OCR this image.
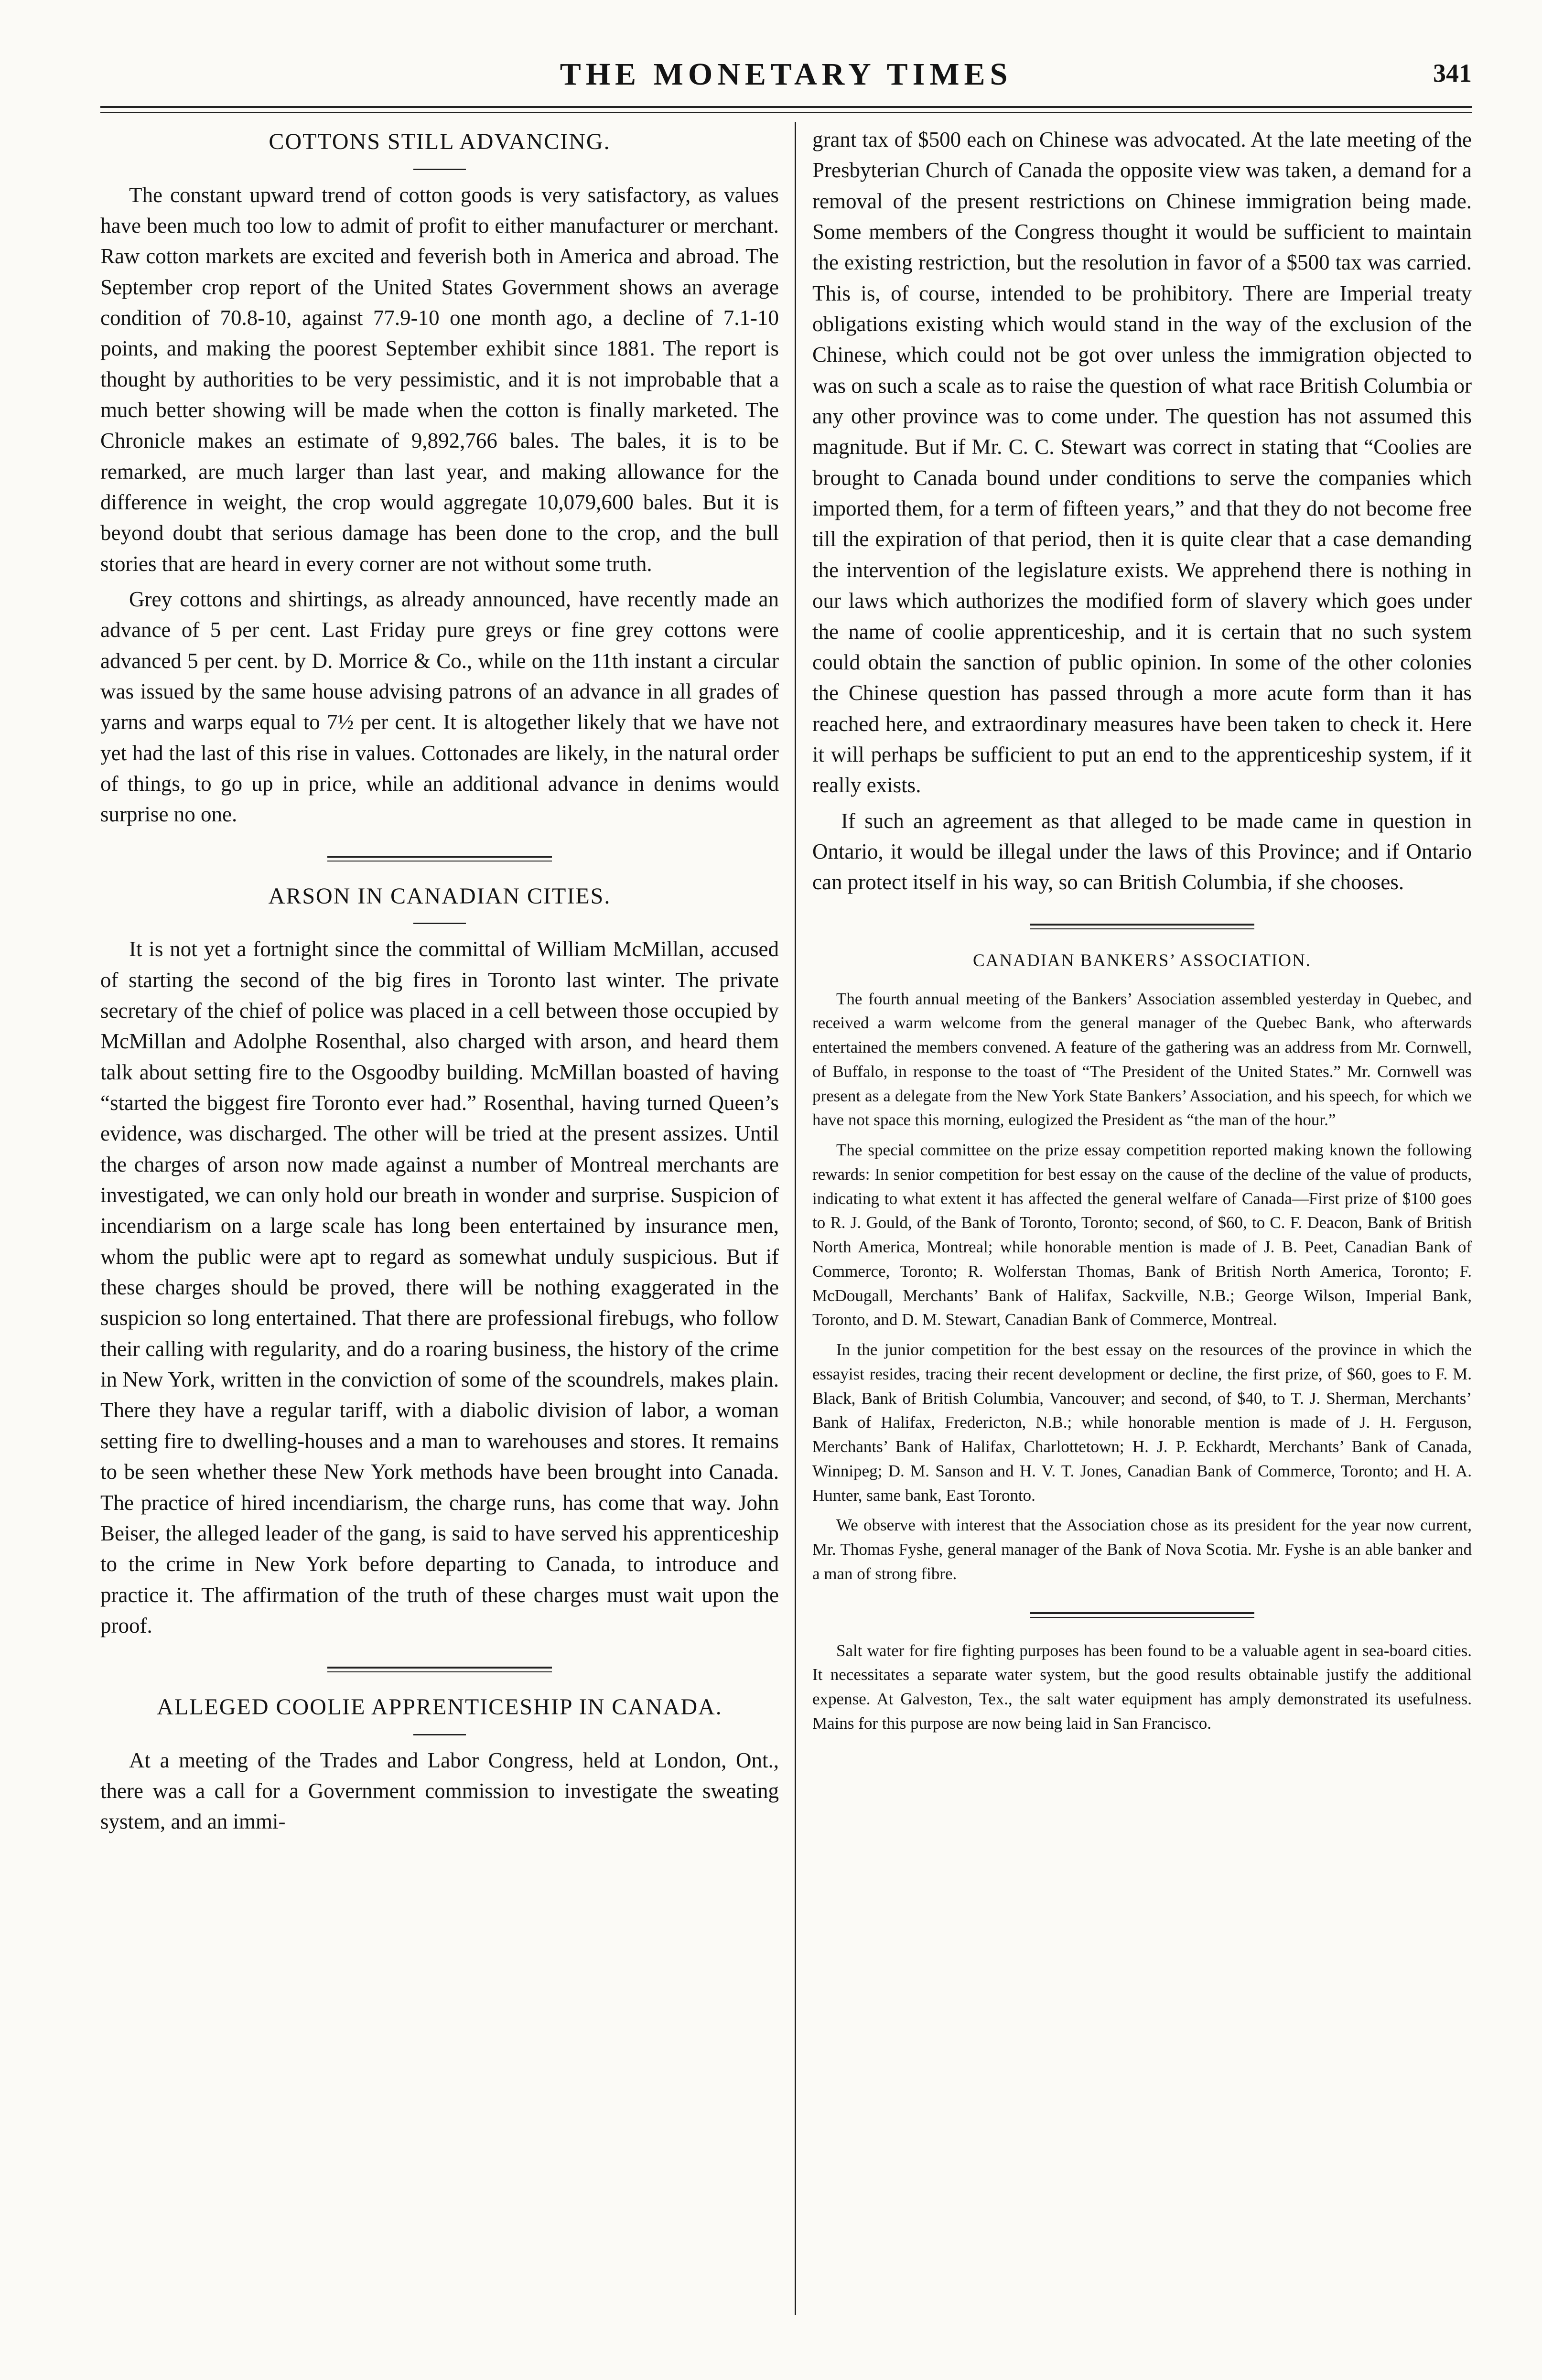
THE MONETARY TIMES	341
COTTONS STILL ADVANCING.

The constant upward trend of cotton goods is very satisfactory, as values have been much too low to admit of profit to either manufacturer or merchant. Raw cotton markets are excited and feverish both in America and abroad. The September crop report of the United States Government shows an average condition of 70.8-10, against 77.9-10 one month ago, a decline of 7.1-10 points, and making the poorest September exhibit since 1881. The report is thought by authorities to be very pessimistic, and it is not improbable that a much better showing will be made when the cotton is finally marketed. The Chronicle makes an estimate of 9,892,766 bales. The bales, it is to be remarked, are much larger than last year, and making allowance for the difference in weight, the crop would aggregate 10,079,600 bales. But it is beyond doubt that serious damage has been done to the crop, and the bull stories that are heard in every corner are not without some truth.

Grey cottons and shirtings, as already announced, have recently made an advance of 5 per cent. Last Friday pure greys or fine grey cottons were advanced 5 per cent. by D. Morrice & Co., while on the 11th instant a circular was issued by the same house advising patrons of an advance in all grades of yarns and warps equal to 7½ per cent. It is altogether likely that we have not yet had the last of this rise in values. Cottonades are likely, in the natural order of things, to go up in price, while an additional advance in denims would surprise no one.

ARSON IN CANADIAN CITIES.

It is not yet a fortnight since the committal of William McMillan, accused of starting the second of the big fires in Toronto last winter. The private secretary of the chief of police was placed in a cell between those occupied by McMillan and Adolphe Rosenthal, also charged with arson, and heard them talk about setting fire to the Osgoodby building. McMillan boasted of having “started the biggest fire Toronto ever had.” Rosenthal, having turned Queen’s evidence, was discharged. The other will be tried at the present assizes. Until the charges of arson now made against a number of Montreal merchants are investigated, we can only hold our breath in wonder and surprise. Suspicion of incendiarism on a large scale has long been entertained by insurance men, whom the public were apt to regard as somewhat unduly suspicious. But if these charges should be proved, there will be nothing exaggerated in the suspicion so long entertained. That there are professional firebugs, who follow their calling with regularity, and do a roaring business, the history of the crime in New York, written in the conviction of some of the scoundrels, makes plain. There they have a regular tariff, with a diabolic division of labor, a woman setting fire to dwelling-houses and a man to warehouses and stores. It remains to be seen whether these New York methods have been brought into Canada. The practice of hired incendiarism, the charge runs, has come that way. John Beiser, the alleged leader of the gang, is said to have served his apprenticeship to the crime in New York before departing to Canada, to introduce and practice it. The affirmation of the truth of these charges must wait upon the proof.

ALLEGED COOLIE APPRENTICESHIP IN CANADA.

At a meeting of the Trades and Labor Congress, held at London, Ont., there was a call for a Government commission to investigate the sweating system, and an immi-

grant tax of $500 each on Chinese was advocated. At the late meeting of the Presbyterian Church of Canada the opposite view was taken, a demand for a removal of the present restrictions on Chinese immigration being made. Some members of the Congress thought it would be sufficient to maintain the existing restriction, but the resolution in favor of a $500 tax was carried. This is, of course, intended to be prohibitory. There are Imperial treaty obligations existing which would stand in the way of the exclusion of the Chinese, which could not be got over unless the immigration objected to was on such a scale as to raise the question of what race British Columbia or any other province was to come under. The question has not assumed this magnitude. But if Mr. C. C. Stewart was correct in stating that “Coolies are brought to Canada bound under conditions to serve the companies which imported them, for a term of fifteen years,” and that they do not become free till the expiration of that period, then it is quite clear that a case demanding the intervention of the legislature exists. We apprehend there is nothing in our laws which authorizes the modified form of slavery which goes under the name of coolie apprenticeship, and it is certain that no such system could obtain the sanction of public opinion. In some of the other colonies the Chinese question has passed through a more acute form than it has reached here, and extraordinary measures have been taken to check it. Here it will perhaps be sufficient to put an end to the apprenticeship system, if it really exists.

If such an agreement as that alleged to be made came in question in Ontario, it would be illegal under the laws of this Province; and if Ontario can protect itself in his way, so can British Columbia, if she chooses.

CANADIAN BANKERS’ ASSOCIATION.

The fourth annual meeting of the Bankers’ Association assembled yesterday in Quebec, and received a warm welcome from the general manager of the Quebec Bank, who afterwards entertained the members convened. A feature of the gathering was an address from Mr. Cornwell, of Buffalo, in response to the toast of “The President of the United States.” Mr. Cornwell was present as a delegate from the New York State Bankers’ Association, and his speech, for which we have not space this morning, eulogized the President as “the man of the hour.”

The special committee on the prize essay competition reported making known the following rewards: In senior competition for best essay on the cause of the decline of the value of products, indicating to what extent it has affected the general welfare of Canada—First prize of $100 goes to R. J. Gould, of the Bank of Toronto, Toronto; second, of $60, to C. F. Deacon, Bank of British North America, Montreal; while honorable mention is made of J. B. Peet, Canadian Bank of Commerce, Toronto; R. Wolferstan Thomas, Bank of British North America, Toronto; F. McDougall, Merchants’ Bank of Halifax, Sackville, N.B.; George Wilson, Imperial Bank, Toronto, and D. M. Stewart, Canadian Bank of Commerce, Montreal.

In the junior competition for the best essay on the resources of the province in which the essayist resides, tracing their recent development or decline, the first prize, of $60, goes to F. M. Black, Bank of British Columbia, Vancouver; and second, of $40, to T. J. Sherman, Merchants’ Bank of Halifax, Fredericton, N.B.; while honorable mention is made of J. H. Ferguson, Merchants’ Bank of Halifax, Charlottetown; H. J. P. Eckhardt, Merchants’ Bank of Canada, Winnipeg; D. M. Sanson and H. V. T. Jones, Canadian Bank of Commerce, Toronto; and H. A. Hunter, same bank, East Toronto.

We observe with interest that the Association chose as its president for the year now current, Mr. Thomas Fyshe, general manager of the Bank of Nova Scotia. Mr. Fyshe is an able banker and a man of strong fibre.

Salt water for fire fighting purposes has been found to be a valuable agent in sea-board cities. It necessitates a separate water system, but the good results obtainable justify the additional expense. At Galveston, Tex., the salt water equipment has amply demonstrated its usefulness. Mains for this purpose are now being laid in San Francisco.
